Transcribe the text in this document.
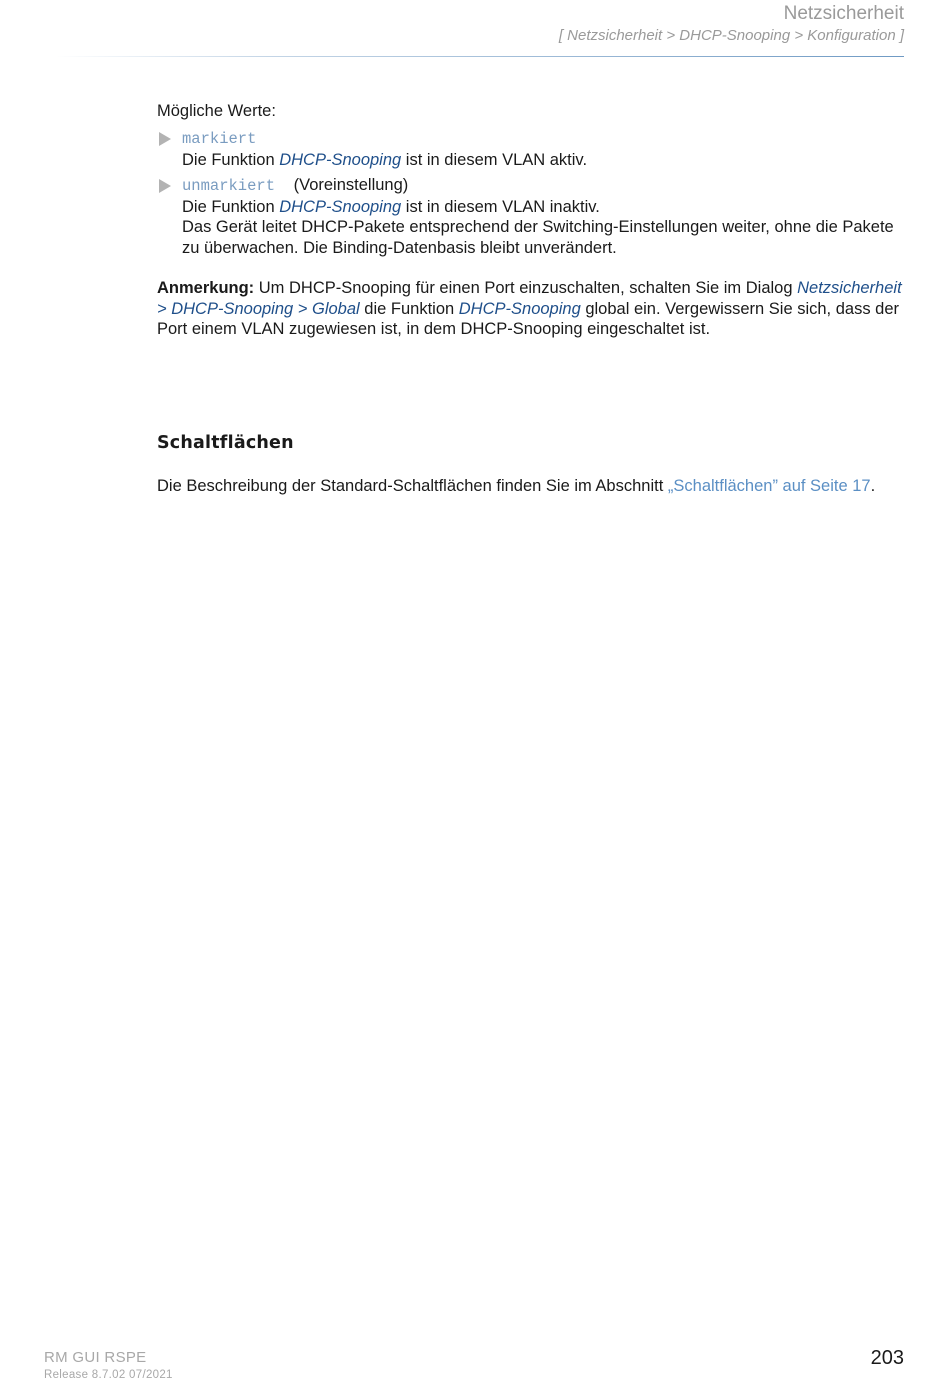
Netzsicherheit
[ Netzsicherheit > DHCP-Snooping > Konfiguration ]
Mögliche Werte:
markiert
Die Funktion DHCP-Snooping ist in diesem VLAN aktiv.
unmarkiert (Voreinstellung)
Die Funktion DHCP-Snooping ist in diesem VLAN inaktiv.
Das Gerät leitet DHCP-Pakete entsprechend der Switching-Einstellungen weiter, ohne die Pakete zu überwachen. Die Binding-Datenbasis bleibt unverändert.
Anmerkung: Um DHCP-Snooping für einen Port einzuschalten, schalten Sie im Dialog Netzsicherheit > DHCP-Snooping > Global die Funktion DHCP-Snooping global ein. Vergewissern Sie sich, dass der Port einem VLAN zugewiesen ist, in dem DHCP-Snooping eingeschaltet ist.
Schaltflächen
Die Beschreibung der Standard-Schaltflächen finden Sie im Abschnitt „Schaltflächen” auf Seite 17.
RM GUI RSPE
Release 8.7.02 07/2021
203
